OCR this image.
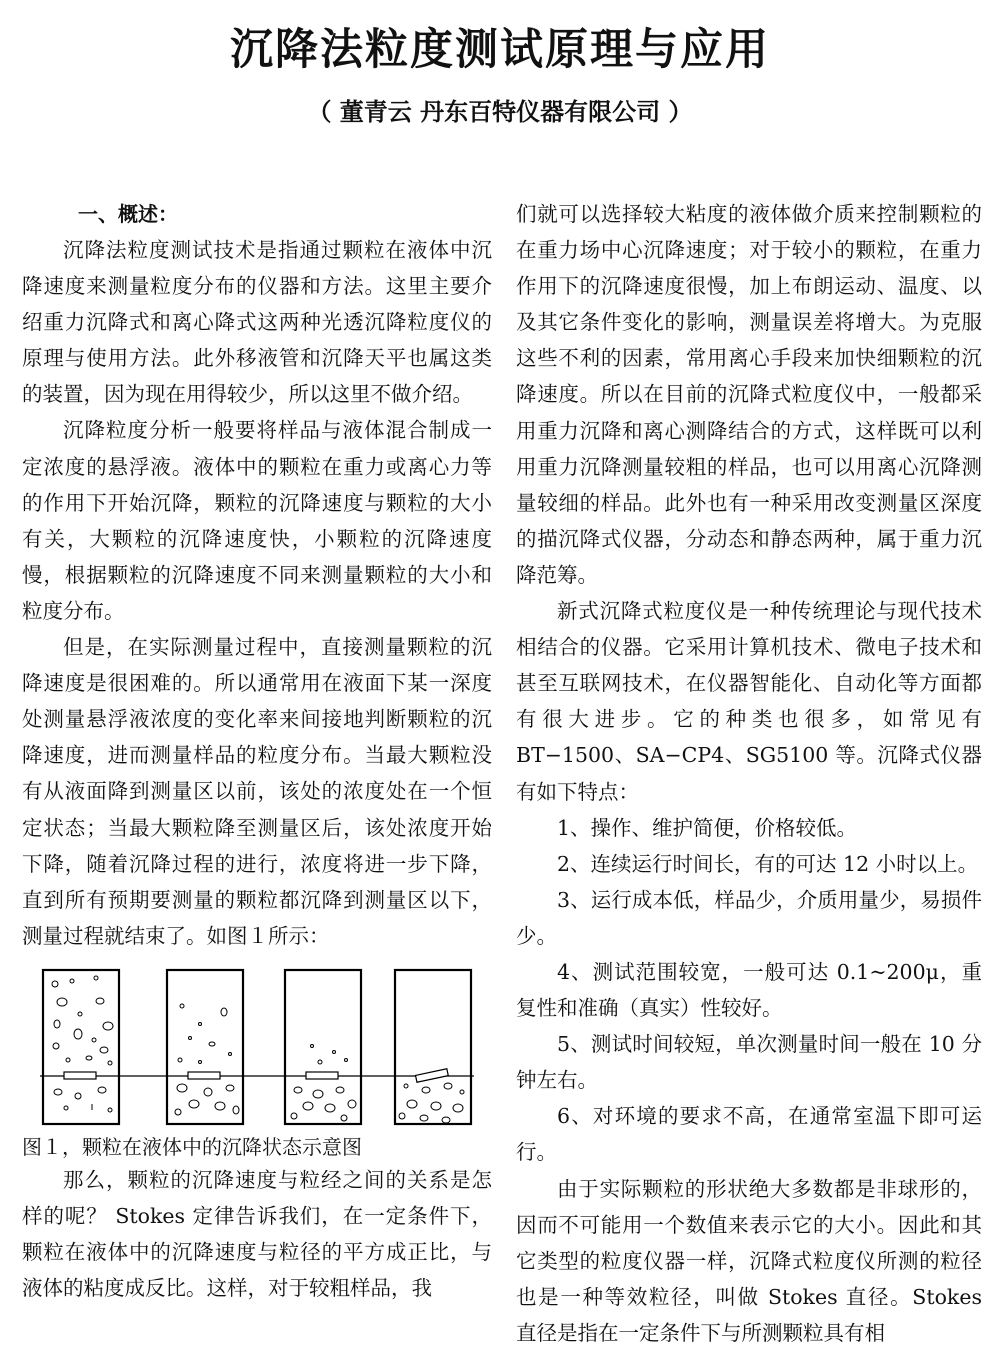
沉降法粒度测试原理与应用
（ 董青云 丹东百特仪器有限公司 ）
一、概述：

沉降法粒度测试技术是指通过颗粒在液体中沉降速度来测量粒度分布的仪器和方法。这里主要介绍重力沉降式和离心降式这两种光透沉降粒度仪的原理与使用方法。此外移液管和沉降天平也属这类的装置，因为现在用得较少，所以这里不做介绍。

沉降粒度分析一般要将样品与液体混合制成一定浓度的悬浮液。液体中的颗粒在重力或离心力等的作用下开始沉降，颗粒的沉降速度与颗粒的大小有关，大颗粒的沉降速度快，小颗粒的沉降速度慢，根据颗粒的沉降速度不同来测量颗粒的大小和粒度分布。

但是，在实际测量过程中，直接测量颗粒的沉降速度是很困难的。所以通常用在液面下某一深度处测量悬浮液浓度的变化率来间接地判断颗粒的沉降速度，进而测量样品的粒度分布。当最大颗粒没有从液面降到测量区以前，该处的浓度处在一个恒定状态；当最大颗粒降至测量区后，该处浓度开始下降，随着沉降过程的进行，浓度将进一步下降，直到所有预期要测量的颗粒都沉降到测量区以下，测量过程就结束了。如图１所示：

图１，颗粒在液体中的沉降状态示意图

那么，颗粒的沉降速度与粒经之间的关系是怎样的呢？ Stokes 定律告诉我们，在一定条件下，颗粒在液体中的沉降速度与粒径的平方成正比，与液体的粘度成反比。这样，对于较粗样品，我

们就可以选择较大粘度的液体做介质来控制颗粒的在重力场中心沉降速度；对于较小的颗粒，在重力作用下的沉降速度很慢，加上布朗运动、温度、以及其它条件变化的影响，测量误差将增大。为克服这些不利的因素，常用离心手段来加快细颗粒的沉降速度。所以在目前的沉降式粒度仪中，一般都采用重力沉降和离心测降结合的方式，这样既可以利用重力沉降测量较粗的样品，也可以用离心沉降测量较细的样品。此外也有一种采用改变测量区深度的描沉降式仪器，分动态和静态两种，属于重力沉降范筹。

新式沉降式粒度仪是一种传统理论与现代技术相结合的仪器。它采用计算机技术、微电子技术和甚至互联网技术，在仪器智能化、自动化等方面都有很大进步。它的种类也很多，如常见有 BT−1500、SA−CP4、SG5100 等。沉降式仪器有如下特点：

1、操作、维护简便，价格较低。

2、连续运行时间长，有的可达 12 小时以上。

3、运行成本低，样品少，介质用量少，易损件少。

4、测试范围较宽，一般可达 0.1~200μ，重复性和准确（真实）性较好。

5、测试时间较短，单次测量时间一般在 10 分钟左右。

6、对环境的要求不高，在通常室温下即可运行。

由于实际颗粒的形状绝大多数都是非球形的，因而不可能用一个数值来表示它的大小。因此和其它类型的粒度仪器一样，沉降式粒度仪所测的粒径也是一种等效粒径，叫做 Stokes 直径。Stokes 直径是指在一定条件下与所测颗粒具有相
